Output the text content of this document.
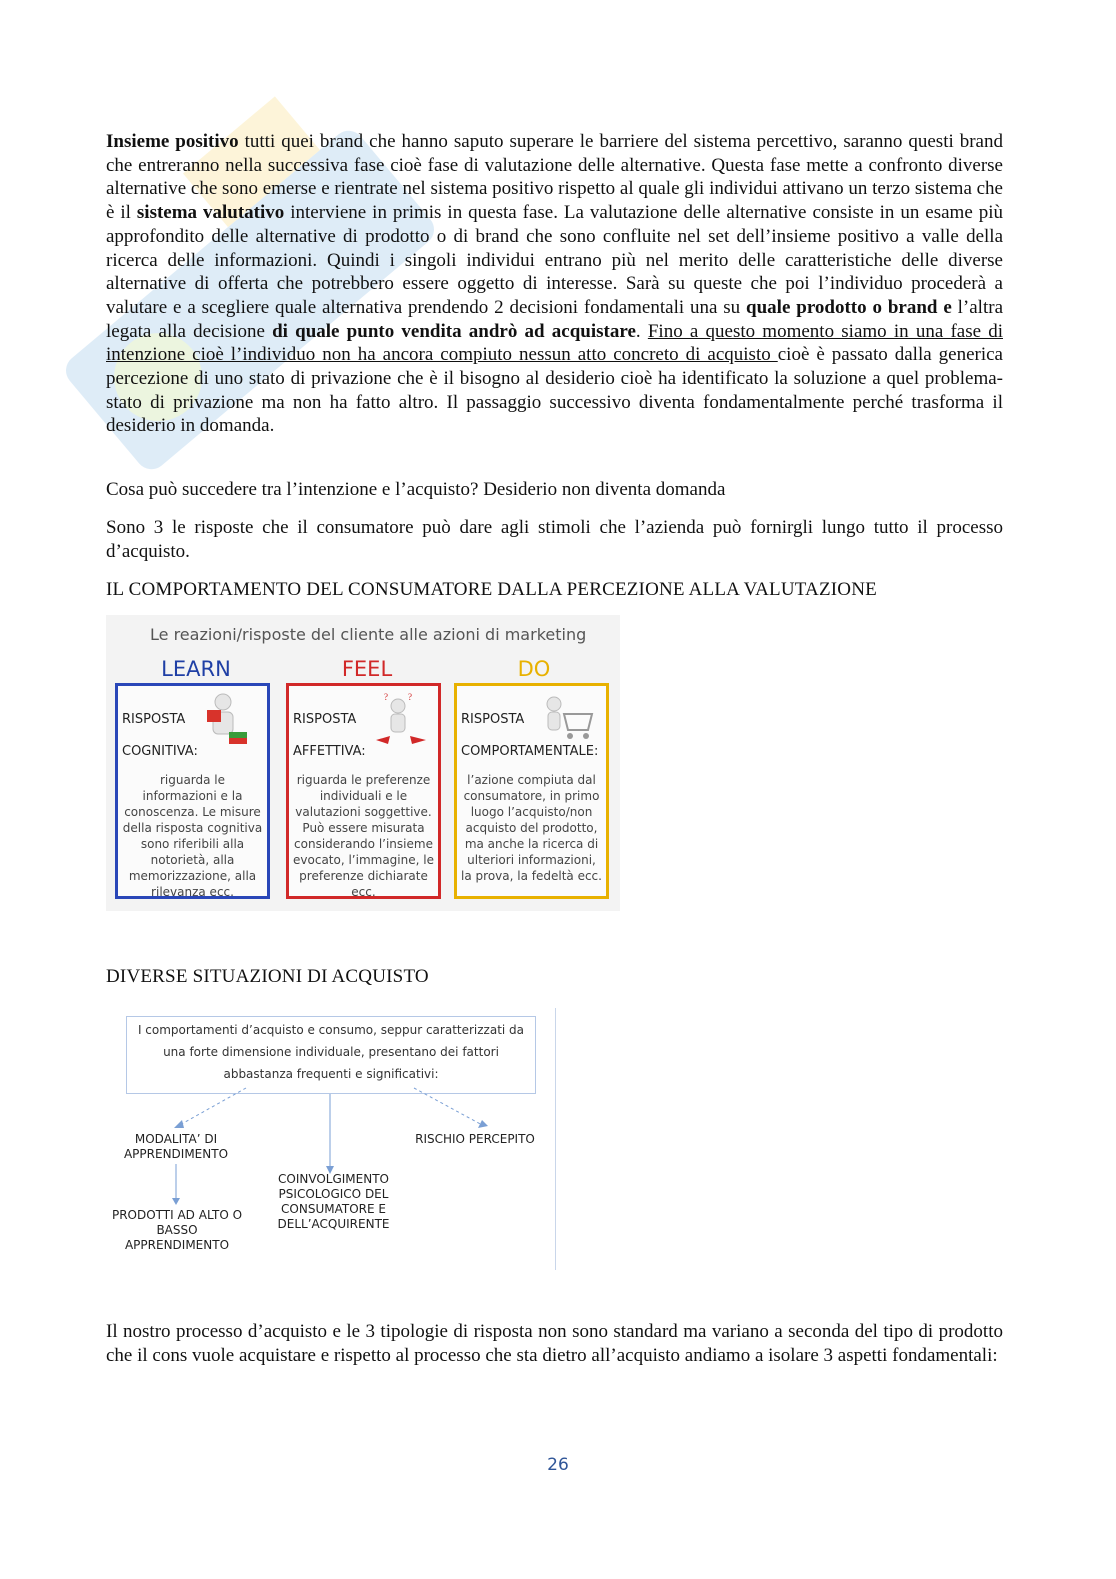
Insieme positivo tutti quei brand che hanno saputo superare le barriere del sistema percettivo, saranno questi brand che entreranno nella successiva fase cioè fase di valutazione delle alternative. Questa fase mette a confronto diverse alternative che sono emerse e rientrate nel sistema positivo rispetto al quale gli individui attivano un terzo sistema che è il sistema valutativo interviene in primis in questa fase. La valutazione delle alternative consiste in un esame più approfondito delle alternative di prodotto o di brand che sono confluite nel set dell’insieme positivo a valle della ricerca delle informazioni. Quindi i singoli individui entrano più nel merito delle caratteristiche delle diverse alternative di offerta che potrebbero essere oggetto di interesse. Sarà su queste che poi l’individuo procederà a valutare e a scegliere quale alternativa prendendo 2 decisioni fondamentali una su quale prodotto o brand e l’altra legata alla decisione di quale punto vendita andrò ad acquistare. Fino a questo momento siamo in una fase di intenzione cioè l’individuo non ha ancora compiuto nessun atto concreto di acquisto cioè è passato dalla generica percezione di uno stato di privazione che è il bisogno al desiderio cioè ha identificato la soluzione a quel problema- stato di privazione ma non ha fatto altro. Il passaggio successivo diventa fondamentalmente perché trasforma il desiderio in domanda.

Cosa può succedere tra l’intenzione e l’acquisto? Desiderio non diventa domanda

Sono 3 le risposte che il consumatore può dare agli stimoli che l’azienda può fornirgli lungo tutto il processo d’acquisto.

IL COMPORTAMENTO DEL CONSUMATORE DALLA PERCEZIONE ALLA VALUTAZIONE

Le reazioni/risposte del cliente alle azioni di marketing
LEARN	FEEL	DO
RISPOSTA
COGNITIVA:
riguarda le informazioni e la conoscenza. Le misure della risposta cognitiva sono riferibili alla notorietà, alla memorizzazione, alla rilevanza ecc.
RISPOSTA
AFFETTIVA:
? ?
riguarda le preferenze individuali e le valutazioni soggettive. Può essere misurata considerando l’insieme evocato, l’immagine, le preferenze dichiarate ecc.
RISPOSTA
COMPORTAMENTALE:
l’azione compiuta dal consumatore, in primo luogo l’acquisto/non acquisto del prodotto, ma anche la ricerca di ulteriori informazioni, la prova, la fedeltà ecc.

DIVERSE SITUAZIONI DI ACQUISTO

I comportamenti d’acquisto e consumo, seppur caratterizzati da una forte dimensione individuale, presentano dei fattori abbastanza frequenti e significativi:
MODALITA’ DI APPRENDIMENTO
RISCHIO PERCEPITO
COINVOLGIMENTO PSICOLOGICO DEL CONSUMATORE E DELL’ACQUIRENTE
PRODOTTI AD ALTO O BASSO APPRENDIMENTO

Il nostro processo d’acquisto e le 3 tipologie di risposta non sono standard ma variano a seconda del tipo di prodotto che il cons vuole acquistare e rispetto al processo che sta dietro all’acquisto andiamo a isolare 3 aspetti fondamentali:

26
